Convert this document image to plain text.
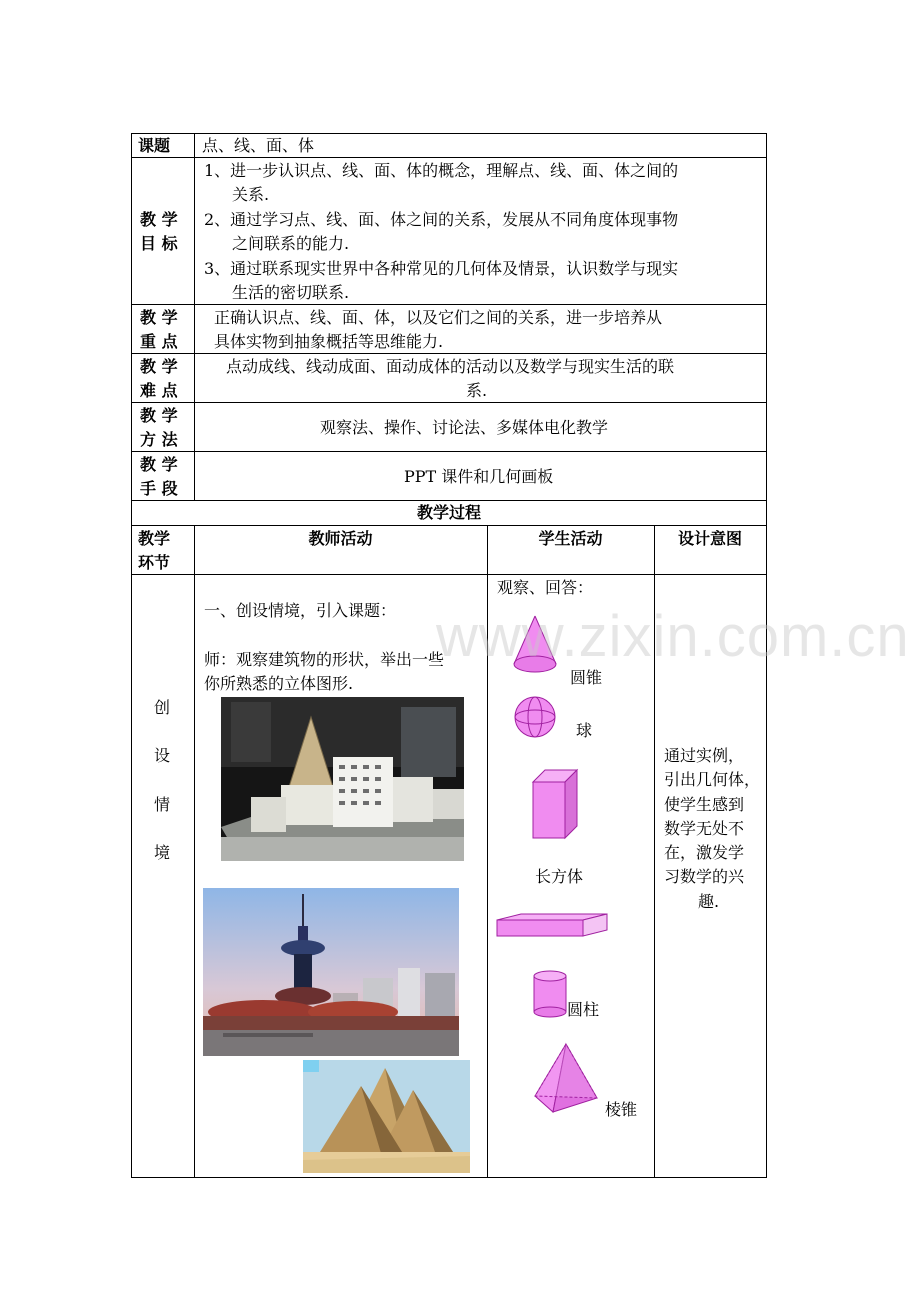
课题 点、线、面、体
教 学
目 标
1、进一步认识点、线、面、体的概念，理解点、线、面、体之间的
关系.
2、通过学习点、线、面、体之间的关系，发展从不同角度体现事物
之间联系的能力.
3、通过联系现实世界中各种常见的几何体及情景，认识数学与现实
生活的密切联系.
教 学
重 点
正确认识点、线、面、体，以及它们之间的关系，进一步培养从
具体实物到抽象概括等思维能力.
教 学
难 点
点动成线、线动成面、面动成体的活动以及数学与现实生活的联
系.
教 学
方 法
观察法、操作、讨论法、多媒体电化教学
教 学
手 段
PPT 课件和几何画板
教学过程
教学
环节
教师活动	学生活动	设计意图
创
设
情
境
一、创设情境，引入课题：
师：观察建筑物的形状，举出一些
你所熟悉的立体图形.
观察、回答：
圆锥
球
长方体
圆柱
棱锥
通过实例，
引出几何体，
使学生感到
数学无处不
在，激发学
习数学的兴
趣.
www.zixin.com.cn
